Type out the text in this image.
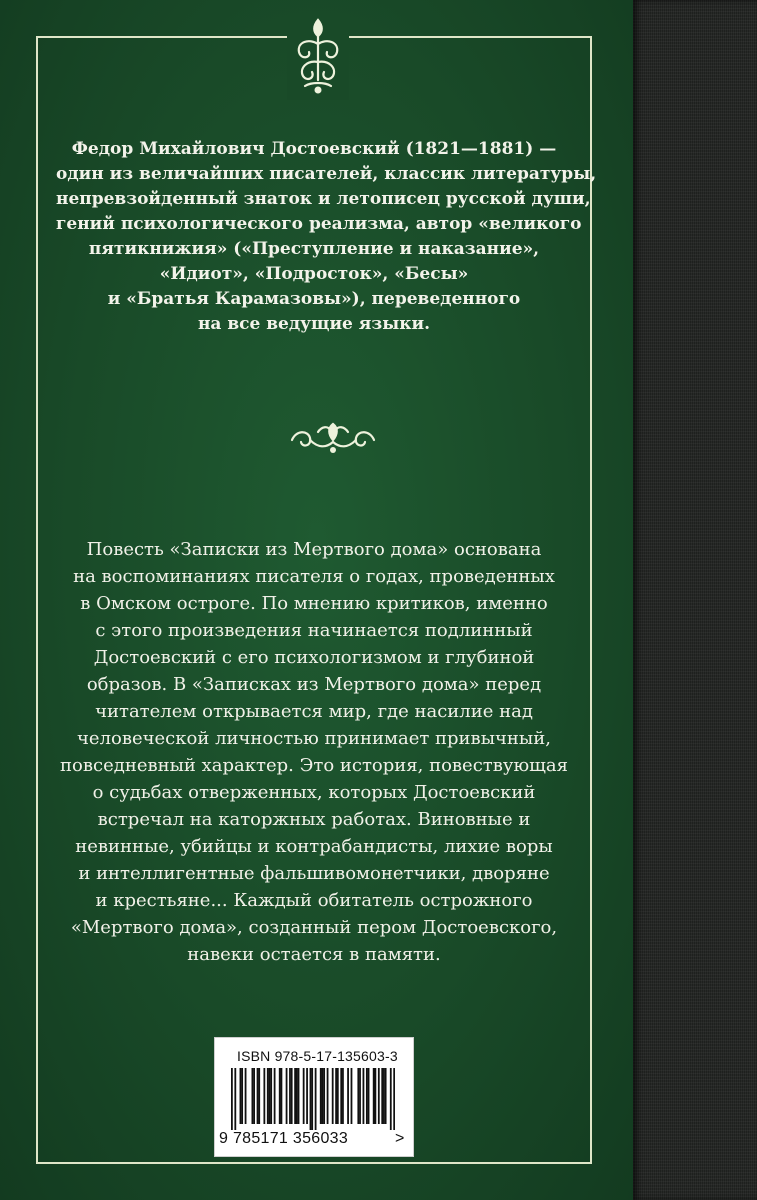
Федор Михайлович Достоевский (1821—1881) —
один из величайших писателей, классик литературы,
непревзойденный знаток и летописец русской души,
гений психологического реализма, автор «великого
пятикнижия» («Преступление и наказание»,
«Идиот», «Подросток», «Бесы»
и «Братья Карамазовы»), переведенного
на все ведущие языки.
Повесть «Записки из Мертвого дома» основана
на воспоминаниях писателя о годах, проведенных
в Омском остроге. По мнению критиков, именно
с этого произведения начинается подлинный
Достоевский с его психологизмом и глубиной
образов. В «Записках из Мертвого дома» перед
читателем открывается мир, где насилие над
человеческой личностью принимает привычный,
повседневный характер. Это история, повествующая
о судьбах отверженных, которых Достоевский
встречал на каторжных работах. Виновные и
невинные, убийцы и контрабандисты, лихие воры
и интеллигентные фальшивомонетчики, дворяне
и крестьяне... Каждый обитатель острожного
«Мертвого дома», созданный пером Достоевского,
навеки остается в памяти.
ISBN 978-5-17-135603-3
9 785171 356033	>
